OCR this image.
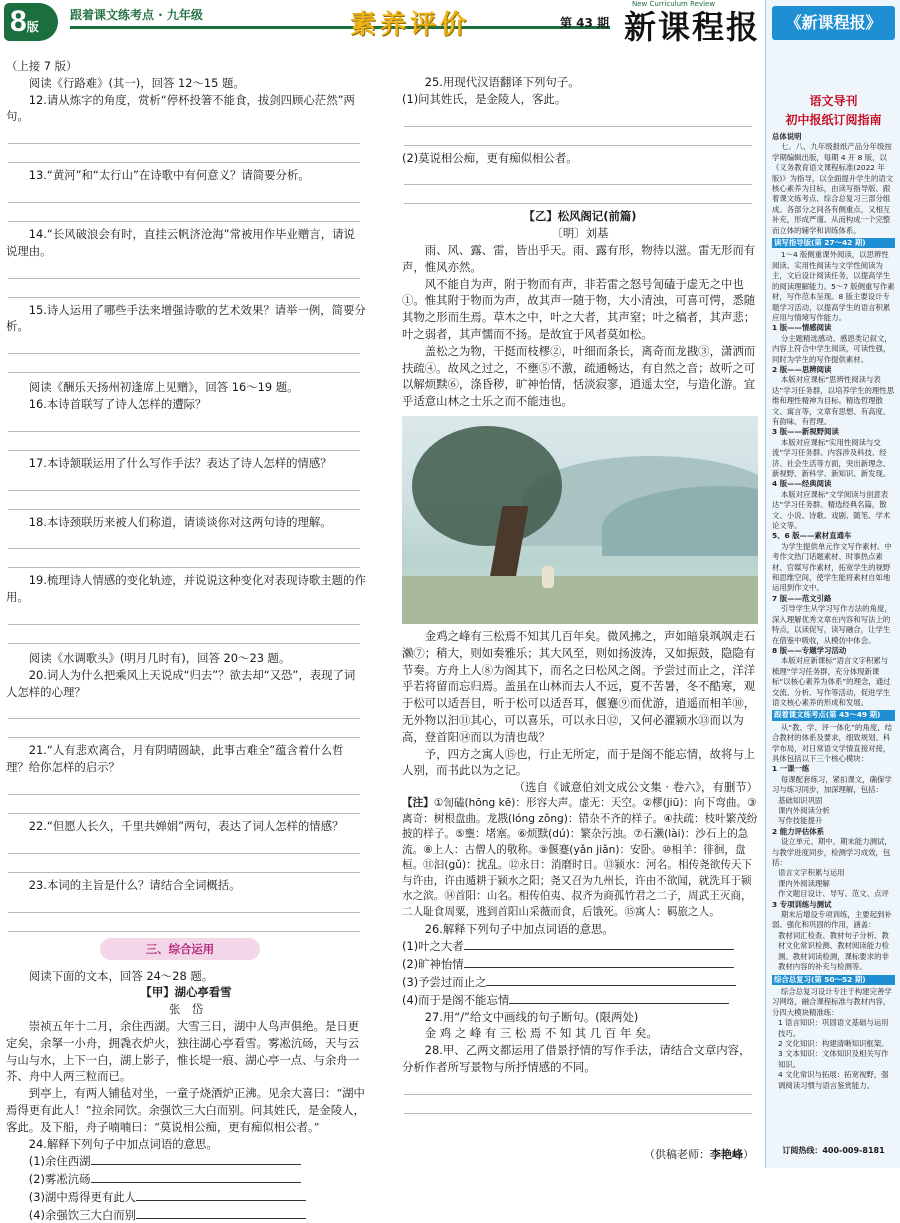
8版
跟着课文练考点 · 九年级	素养评价	第 43 期
New Curriculum Review
新课程报

（上接 7 版）

阅读《行路难》(其一)，回答 12～15 题。

12.请从炼字的角度，赏析“停杯投箸不能食，拔剑四顾心茫然”两句。

13.“黄河”和“太行山”在诗歌中有何意义？请简要分析。

14.“长风破浪会有时，直挂云帆济沧海”常被用作毕业赠言，请说说理由。

15.诗人运用了哪些手法来增强诗歌的艺术效果？请举一例，简要分析。

阅读《酬乐天扬州初逢席上见赠》，回答 16～19 题。

16.本诗首联写了诗人怎样的遭际？

17.本诗颔联运用了什么写作手法？表达了诗人怎样的情感？

18.本诗颈联历来被人们称道，请谈谈你对这两句诗的理解。

19.梳理诗人情感的变化轨迹，并说说这种变化对表现诗歌主题的作用。

阅读《水调歌头》(明月几时有)，回答 20～23 题。

20.词人为什么把乘风上天说成“归去”？欲去却“又恐”，表现了词人怎样的心理？

21.“人有悲欢离合，月有阴晴圆缺，此事古难全”蕴含着什么哲理？给你怎样的启示？

22.“但愿人长久，千里共婵娟”两句，表达了词人怎样的情感？

23.本词的主旨是什么？请结合全词概括。

三、综合运用

阅读下面的文本，回答 24～28 题。

【甲】湖心亭看雪

张　岱

崇祯五年十二月，余住西湖。大雪三日，湖中人鸟声俱绝。是日更定矣，余拏一小舟，拥毳衣炉火，独往湖心亭看雪。雾凇沆砀，天与云与山与水，上下一白，湖上影子，惟长堤一痕、湖心亭一点、与余舟一芥、舟中人两三粒而已。

到亭上，有两人铺毡对坐，一童子烧酒炉正沸。见余大喜曰：“湖中焉得更有此人！”拉余同饮。余强饮三大白而别。问其姓氏，是金陵人，客此。及下船，舟子喃喃曰：“莫说相公痴，更有痴似相公者。”

24.解释下列句子中加点词语的意思。

(1)余住西湖

(2)雾凇沆砀

(3)湖中焉得更有此人

(4)余强饮三大白而别

25.用现代汉语翻译下列句子。

(1)问其姓氏，是金陵人，客此。

(2)莫说相公痴，更有痴似相公者。

【乙】松风阁记(前篇)

〔明〕刘基

雨、风、露、雷，皆出乎天。雨、露有形，物待以滋。雷无形而有声，惟风亦然。

风不能自为声，附于物而有声，非若雷之怒号訇磕于虚无之中也①。惟其附于物而为声，故其声一随于物，大小清浊，可喜可愕，悉随其物之形而生焉。草木之中，叶之大者，其声窒；叶之稿者，其声悲；叶之弱者，其声懦而不扬。是故宜于风者莫如松。

盖松之为物，干挺而枝樛②，叶细而条长，离奇而龙戡③，潇洒而扶疏④。故风之过之，不壅⑤不激，疏通畅达，有自然之音；故听之可以解烦黩⑥，涤昏秽，旷神怡情，恬淡寂寥，逍遥太空，与造化游。宜乎适意山林之士乐之而不能违也。

金鸡之峰有三松焉不知其几百年矣。微风拂之，声如暗泉飒飒走石濑⑦；稍大，则如奏雅乐；其大风至，则如扬波涛，又如振鼓，隐隐有节奏。方舟上人⑧为阁其下，而名之曰松风之阁。予尝过而止之，洋洋乎若将留而忘归焉。盖虽在山林而去人不远，夏不苦暑，冬不酷寒，观于松可以适吾目，听于松可以适吾耳，偃蹇⑨而优游，逍遥而相羊⑩，无外物以汩⑪其心，可以喜乐，可以永日⑫，又何必濯颍水⑬而以为高，登首阳⑭而以为清也哉？

予，四方之寓人⑮也，行止无所定，而于是阁不能忘情，故将与上人别，而书此以为之记。

（选自《诚意伯刘文成公文集 · 卷六》，有删节）

【注】①訇磕(hōng kē)：形容大声。虚无：天空。②樛(jiū)：向下弯曲。③离奇：树根盘曲。龙戡(lóng zǒng)：错杂不齐的样子。④扶疏：枝叶繁茂纷披的样子。⑤壅：堵塞。⑥烦黩(dú)：繁杂污浊。⑦石濑(lài)：沙石上的急流。⑧上人：古僧人的敬称。⑨偃蹇(yǎn jiǎn)：安卧。⑩相羊：徘徊，盘桓。⑪汩(gǔ)：扰乱。⑫永日：消磨时日。⑬颍水：河名。相传尧欲传天下与许由，许由遁耕于颍水之阳；尧又召为九州长，许由不欲闻，就洗耳于颍水之滨。⑭首阳：山名。相传伯夷、叔齐为商孤竹君之二子，周武王灭商，二人耻食周粟，逃到首阳山采薇而食，后饿死。⑮寓人：羁旅之人。

26.解释下列句子中加点词语的意思。

(1)叶之大者

(2)旷神怡情

(3)予尝过而止之

(4)而于是阁不能忘情

27.用“/”给文中画线的句子断句。(限两处)

金 鸡 之 峰 有 三 松 焉 不 知 其 几 百 年 矣。

28.甲、乙两文都运用了借景抒情的写作手法，请结合文章内容，分析作者所写景物与所抒情感的不同。

（供稿老师：李艳峰）
《新课程报》
语文导刊
初中报纸订阅指南

总体说明

七、八、九年级报纸产品分年级按学期编辑出版，每期 4 开 8 版，以《义务教育语文课程标准(2022 年版)》为指导，以全面提升学生的语文核心素养为目标，由读写指导版、跟着课文练考点、综合总复习三部分组成。各部分之间各有侧重点，又相互补充，形成严谨、从而构成一个完整而立体的辅学和训练体系。

读写指导版(第 27～42 期)

1～4 版侧重课外阅读，以思辨性阅读、实用性阅读与文学性阅读为主，文后设计阅读任务，以提高学生的阅读理解能力。5～7 版侧重写作素材，写作范本呈现。8 版主要设计专题学习活动，以提高学生的语言积累应用与情境写作能力。

1 版——情感阅读

分主题精选感动、感恩类记叙文，内容上符合中学生阅读，可读性强，同时为学生的写作提供素材。

2 版——思辨阅读

本版对应课标“思辨性阅读与表达”学习任务群，以培养学生的理性思维和理性精神为目标。精选哲理散文、寓言等，文章有思想、有高度、有韵味、有哲理。

3 版——新视野阅读

本版对应课标“实用性阅读与交流”学习任务群。内容涉及科技、经济、社会生活等方面，突出新理念、新视野、新科学、新知识、新发现。

4 版——经典阅读

本版对应课标“文学阅读与创意表达”学习任务群。精选经典名篇，散文、小说、诗歌、戏剧、随笔、学术论文等。

5、6 版——素材直通车

为学生提供单元作文写作素材、中考作文热门话题素材、时事热点素材、官媒写作素材，拓宽学生的视野和思维空间，使学生能将素材自如地运用到作文中。

7 版——范文引路

引导学生从学习写作方法的角度，深入理解优秀文章在内容和写法上的特点，以读促写，读写融合，让学生在借鉴中吸收，从模仿中体会。

8 版——专题学习活动

本版对应新课标“语言文字积累与梳理”学习任务群，充分体现新课标“以核心素养为体系”的理念，通过交流、分析、写作等活动，促进学生语文核心素养的形成和发展。

跟着课文练考点(第 43～49 期)

从“教、学、评一体化”的角度，结合教材的体系及要求，细致规划、科学布局，对日常语文学情直接对接，具体包括以下三个核心模块：

1 一课一练

每课配套练习，紧扣课文，确保学习与练习同步，加深理解，包括：

基础知识巩固

课内外阅读分析

写作技能提升

2 能力评估体系

设立单元、期中、期末能力测试，与教学进度同步，检测学习成效，包括：

语言文字积累与运用

课内外阅读理解

作文题目设计、导写、范文、点评

3 专项训练与测试

期末后增设专项训练，主要起到补弱、强化和巩固的作用，涵盖：

教材词汇检查、教材句子分析、教材文化常识检测、教材阅读能力检测、教材词读检测，课标要求的非教材内容的补充与检测等。

综合总复习(第 50～52 期)

综合总复习设计专注于构建完善学习网络，融合课程标准与教材内容，分四大模块精准练：

1 语言知识：巩固语文基础与运用技巧。

2 文化知识：构建清晰知识框架。

3 文本知识：文体知识及相关写作知识。

4 文化常识与拓展：拓宽视野，强调阅读习惯与语言鉴赏能力。

订阅热线：400-009-8181
